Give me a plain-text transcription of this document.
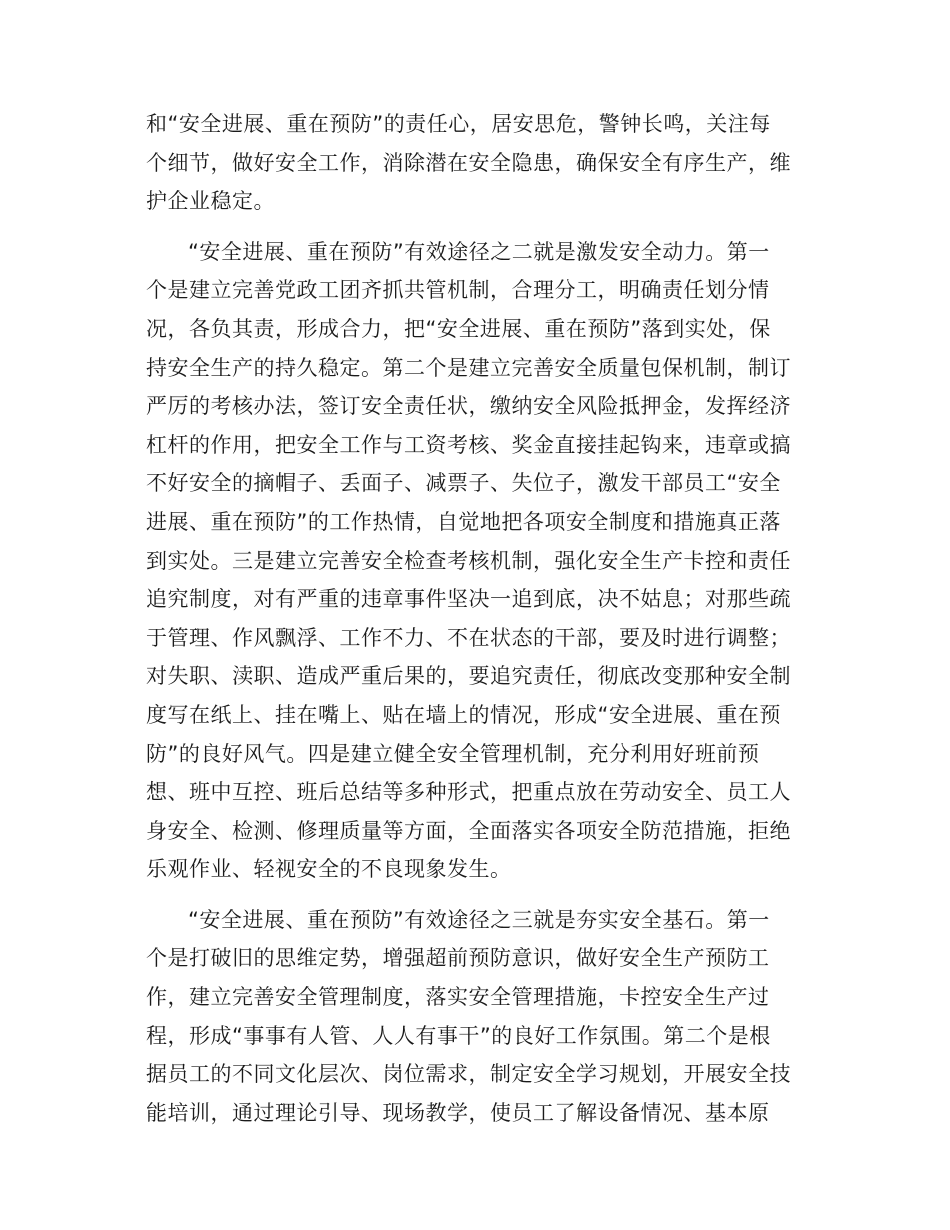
和“安全进展、重在预防”的责任心，居安思危，警钟长鸣，关注每
个细节，做好安全工作，消除潜在安全隐患，确保安全有序生产，维
护企业稳定。
“安全进展、重在预防”有效途径之二就是激发安全动力。第一
个是建立完善党政工团齐抓共管机制，合理分工，明确责任划分情
况，各负其责，形成合力，把“安全进展、重在预防”落到实处，保
持安全生产的持久稳定。第二个是建立完善安全质量包保机制，制订
严厉的考核办法，签订安全责任状，缴纳安全风险抵押金，发挥经济
杠杆的作用，把安全工作与工资考核、奖金直接挂起钩来，违章或搞
不好安全的摘帽子、丢面子、减票子、失位子，激发干部员工“安全
进展、重在预防”的工作热情，自觉地把各项安全制度和措施真正落
到实处。三是建立完善安全检查考核机制，强化安全生产卡控和责任
追究制度，对有严重的违章事件坚决一追到底，决不姑息；对那些疏
于管理、作风飘浮、工作不力、不在状态的干部，要及时进行调整；
对失职、渎职、造成严重后果的，要追究责任，彻底改变那种安全制
度写在纸上、挂在嘴上、贴在墙上的情况，形成“安全进展、重在预
防”的良好风气。四是建立健全安全管理机制，充分利用好班前预
想、班中互控、班后总结等多种形式，把重点放在劳动安全、员工人
身安全、检测、修理质量等方面，全面落实各项安全防范措施，拒绝
乐观作业、轻视安全的不良现象发生。
“安全进展、重在预防”有效途径之三就是夯实安全基石。第一
个是打破旧的思维定势，增强超前预防意识，做好安全生产预防工
作，建立完善安全管理制度，落实安全管理措施，卡控安全生产过
程，形成“事事有人管、人人有事干”的良好工作氛围。第二个是根
据员工的不同文化层次、岗位需求，制定安全学习规划，开展安全技
能培训，通过理论引导、现场教学，使员工了解设备情况、基本原
